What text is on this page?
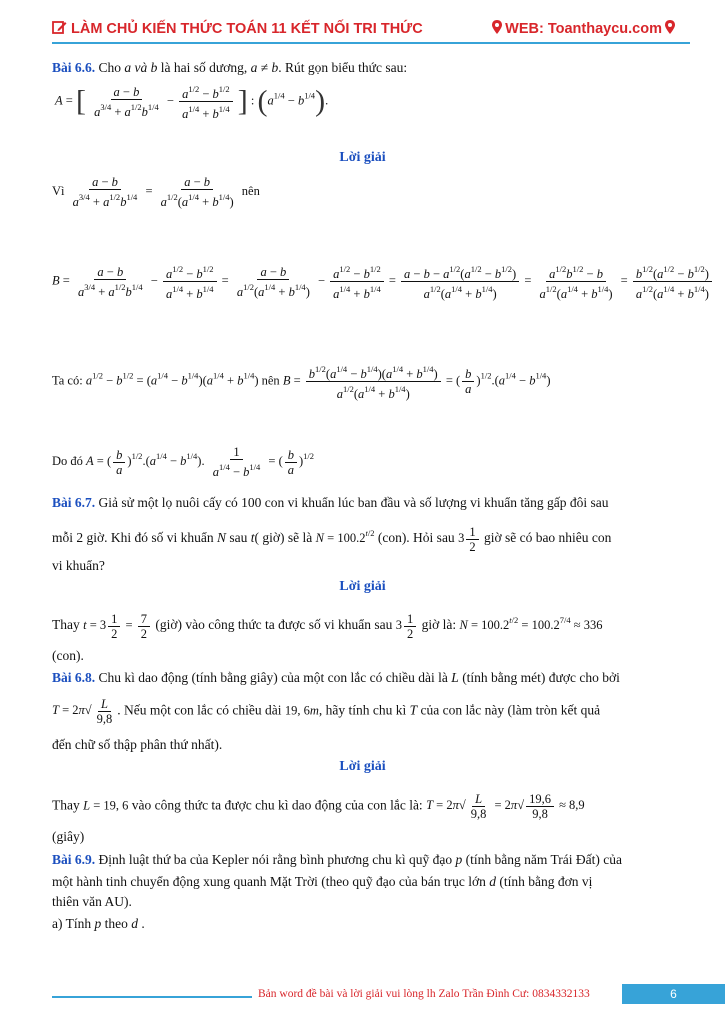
LÀM CHỦ KIẾN THỨC TOÁN 11 KẾT NỐI TRI THỨC	WEB: Toanthaycu.com
Bài 6.6. Cho a và b là hai số dương, a ≠ b. Rút gọn biểu thức sau:
A = [ $\frac{a - b}{a^{3/4} + a^{1/2}b^{1/4}} - \frac{a^{1/2} - b^{1/2}}{a^{1/4} + b^{1/4}}$ ] : $(a^{1/4} - b^{1/4})$.
Lời giải
Vì $\frac{a - b}{a^{3/4} + a^{1/2}b^{1/4}} = \frac{a - b}{a^{1/2}(a^{1/4} + b^{1/4})}$ nên
$B = \frac{a - b}{a^{3/4} + a^{1/2}b^{1/4}} - \frac{a^{1/2} - b^{1/2}}{a^{1/4} + b^{1/4}} = \frac{a - b}{a^{1/2}(a^{1/4} + b^{1/4})} - \frac{a^{1/2} - b^{1/2}}{a^{1/4} + b^{1/4}} = \frac{a - b - a^{1/2}(a^{1/2} - b^{1/2})}{a^{1/2}(a^{1/4} + b^{1/4})} = \frac{a^{1/2}b^{1/2} - b}{a^{1/2}(a^{1/4} + b^{1/4})} = \frac{b^{1/2}(a^{1/2} - b^{1/2})}{a^{1/2}(a^{1/4} + b^{1/4})}$
Ta có: $a^{1/2} - b^{1/2} = (a^{1/4} - b^{1/4})(a^{1/4} + b^{1/4})$ nên $B = \frac{b^{1/2}(a^{1/4} - b^{1/4})(a^{1/4} + b^{1/4})}{a^{1/2}(a^{1/4} + b^{1/4})}$ = ( $\frac{b}{a} )^{1/2}.(a^{1/4} - b^{1/4})$
Do đó A = ( $\frac{b}{a} )^{1/2}.(a^{1/4} - b^{1/4})$. $\frac{1}{a^{1/4} - b^{1/4}}$ = ( $\frac{b}{a} )^{1/2}$
Bài 6.7. Giả sử một lọ nuôi cấy có 100 con vi khuẩn lúc ban đầu và số lượng vi khuẩn tăng gấp đôi sau
mỗi 2 giờ. Khi đó số vi khuẩn N sau t( giờ) sẽ là $N = 100.2^{t/2}$ (con). Hỏi sau $3 \frac{1}{2}$ giờ sẽ có bao nhiêu con
vi khuẩn?
Lời giải
Thay $t = 3 \frac{1}{2} = \frac{7}{2}$ (giờ) vào công thức ta được số vi khuẩn sau $3 \frac{1}{2}$ giờ là: $N = 100.2^{t/2} = 100.2^{7/4} \approx 336$
(con).
Bài 6.8. Chu kì dao động (tính bằng giây) của một con lắc có chiều dài là L (tính bằng mét) được cho bởi
$T = 2\pi√ \frac{L}{9,8}$ . Nếu một con lắc có chiều dài 19, 6m, hãy tính chu kì T của con lắc này (làm tròn kết quả
đến chữ số thập phân thứ nhất).
Lời giải
Thay L = 19, 6 vào công thức ta được chu kì dao động của con lắc là: $T = 2\pi√ \frac{L}{9,8} = 2\pi√ \frac{19,6}{9,8} \approx 8,9$
(giây)
Bài 6.9. Định luật thứ ba của Kepler nói rằng bình phương chu kì quỹ đạo p (tính bằng năm Trái Đất) của
một hành tinh chuyển động xung quanh Mặt Trời (theo quỹ đạo của bán trục lớn d (tính bằng đơn vị
thiên văn AU).
a) Tính p theo d .
Bản word đề bài và lời giải vui lòng lh Zalo Trần Đình Cư: 0834332133	6
